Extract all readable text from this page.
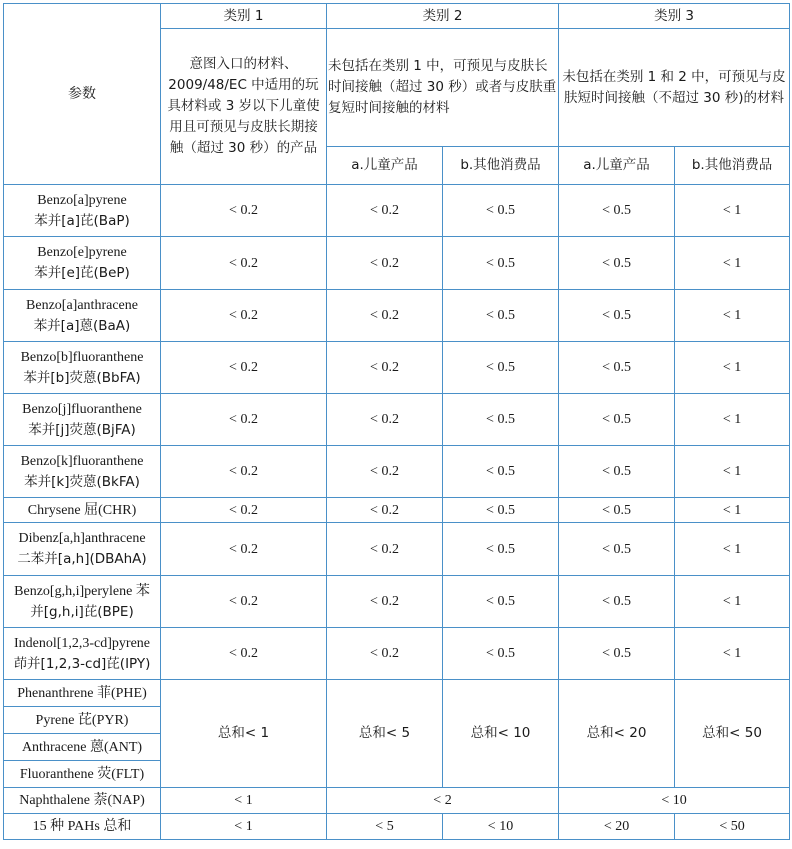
参数	类别 1	类别 2		类别 3	
	意图入口的材料、2009/48/EC 中适用的玩具材料或 3 岁以下儿童使用且可预见与皮肤长期接触（超过 30 秒）的产品	未包括在类别 1 中，可预见与皮肤长时间接触（超过 30 秒）或者与皮肤重复短时间接触的材料		未包括在类别 1 和 2 中，可预见与皮肤短时间接触（不超过 30 秒)的材料	
		a.儿童产品	b.其他消费品	a.儿童产品	b.其他消费品

Benzo[a]pyrene
苯并[a]芘(BaP)	< 0.2	< 0.2	< 0.5	< 0.5	< 1

Benzo[e]pyrene
苯并[e]芘(BeP)	< 0.2	< 0.2	< 0.5	< 0.5	< 1

Benzo[a]anthracene
苯并[a]蒽(BaA)	< 0.2	< 0.2	< 0.5	< 0.5	< 1

Benzo[b]fluoranthene
苯并[b]荧蒽(BbFA)	< 0.2	< 0.2	< 0.5	< 0.5	< 1

Benzo[j]fluoranthene
苯并[j]荧蒽(BjFA)	< 0.2	< 0.2	< 0.5	< 0.5	< 1

Benzo[k]fluoranthene
苯并[k]荧蒽(BkFA)	< 0.2	< 0.2	< 0.5	< 0.5	< 1

Chrysene 屈(CHR)	< 0.2	< 0.2	< 0.5	< 0.5	< 1

Dibenz[a,h]anthracene
二苯并[a,h](DBAhA)	< 0.2	< 0.2	< 0.5	< 0.5	< 1

Benzo[g,h,i]perylene 苯
并[g,h,i]芘(BPE)	< 0.2	< 0.2	< 0.5	< 0.5	< 1

Indenol[1,2,3-cd]pyrene
茚并[1,2,3-cd]芘(IPY)	< 0.2	< 0.2	< 0.5	< 0.5	< 1
Phenanthrene 菲(PHE)	总和< 1	总和< 5	总和< 10	总和< 20	总和< 50
Pyrene 芘(PYR)					
Anthracene 蒽(ANT)					
Fluoranthene 荧(FLT)					
Naphthalene 萘(NAP)	< 1	< 2		< 10	
15 种 PAHs 总和	< 1	< 5	< 10	< 20	< 50
